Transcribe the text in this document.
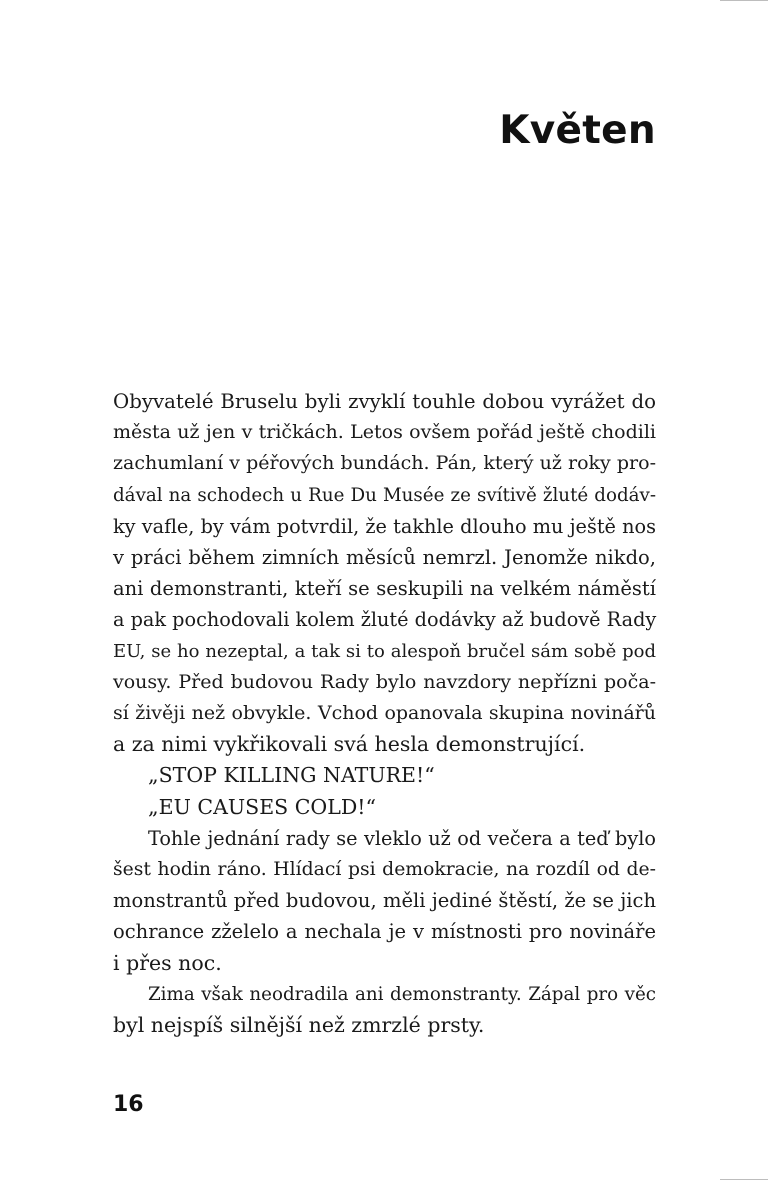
Květen

Obyvatelé Bruselu byli zvyklí touhle dobou vyrážet do

města už jen v tričkách. Letos ovšem pořád ještě chodili

zachumlaní v péřových bundách. Pán, který už roky pro-

dával na schodech u Rue Du Musée ze svítivě žluté dodáv-

ky vafle, by vám potvrdil, že takhle dlouho mu ještě nos

v práci během zimních měsíců nemrzl. Jenomže nikdo,

ani demonstranti, kteří se seskupili na velkém náměstí

a pak pochodovali kolem žluté dodávky až budově Rady

EU, se ho nezeptal, a tak si to alespoň bručel sám sobě pod

vousy. Před budovou Rady bylo navzdory nepřízni poča-

sí živěji než obvykle. Vchod opanovala skupina novinářů

a za nimi vykřikovali svá hesla demonstrující.

„STOP KILLING NATURE!“

„EU CAUSES COLD!“

Tohle jednání rady se vleklo už od večera a teď bylo

šest hodin ráno. Hlídací psi demokracie, na rozdíl od de-

monstrantů před budovou, měli jediné štěstí, že se jich

ochrance zželelo a nechala je v místnosti pro novináře

i přes noc.

Zima však neodradila ani demonstranty. Zápal pro věc

byl nejspíš silnější než zmrzlé prsty.

16
